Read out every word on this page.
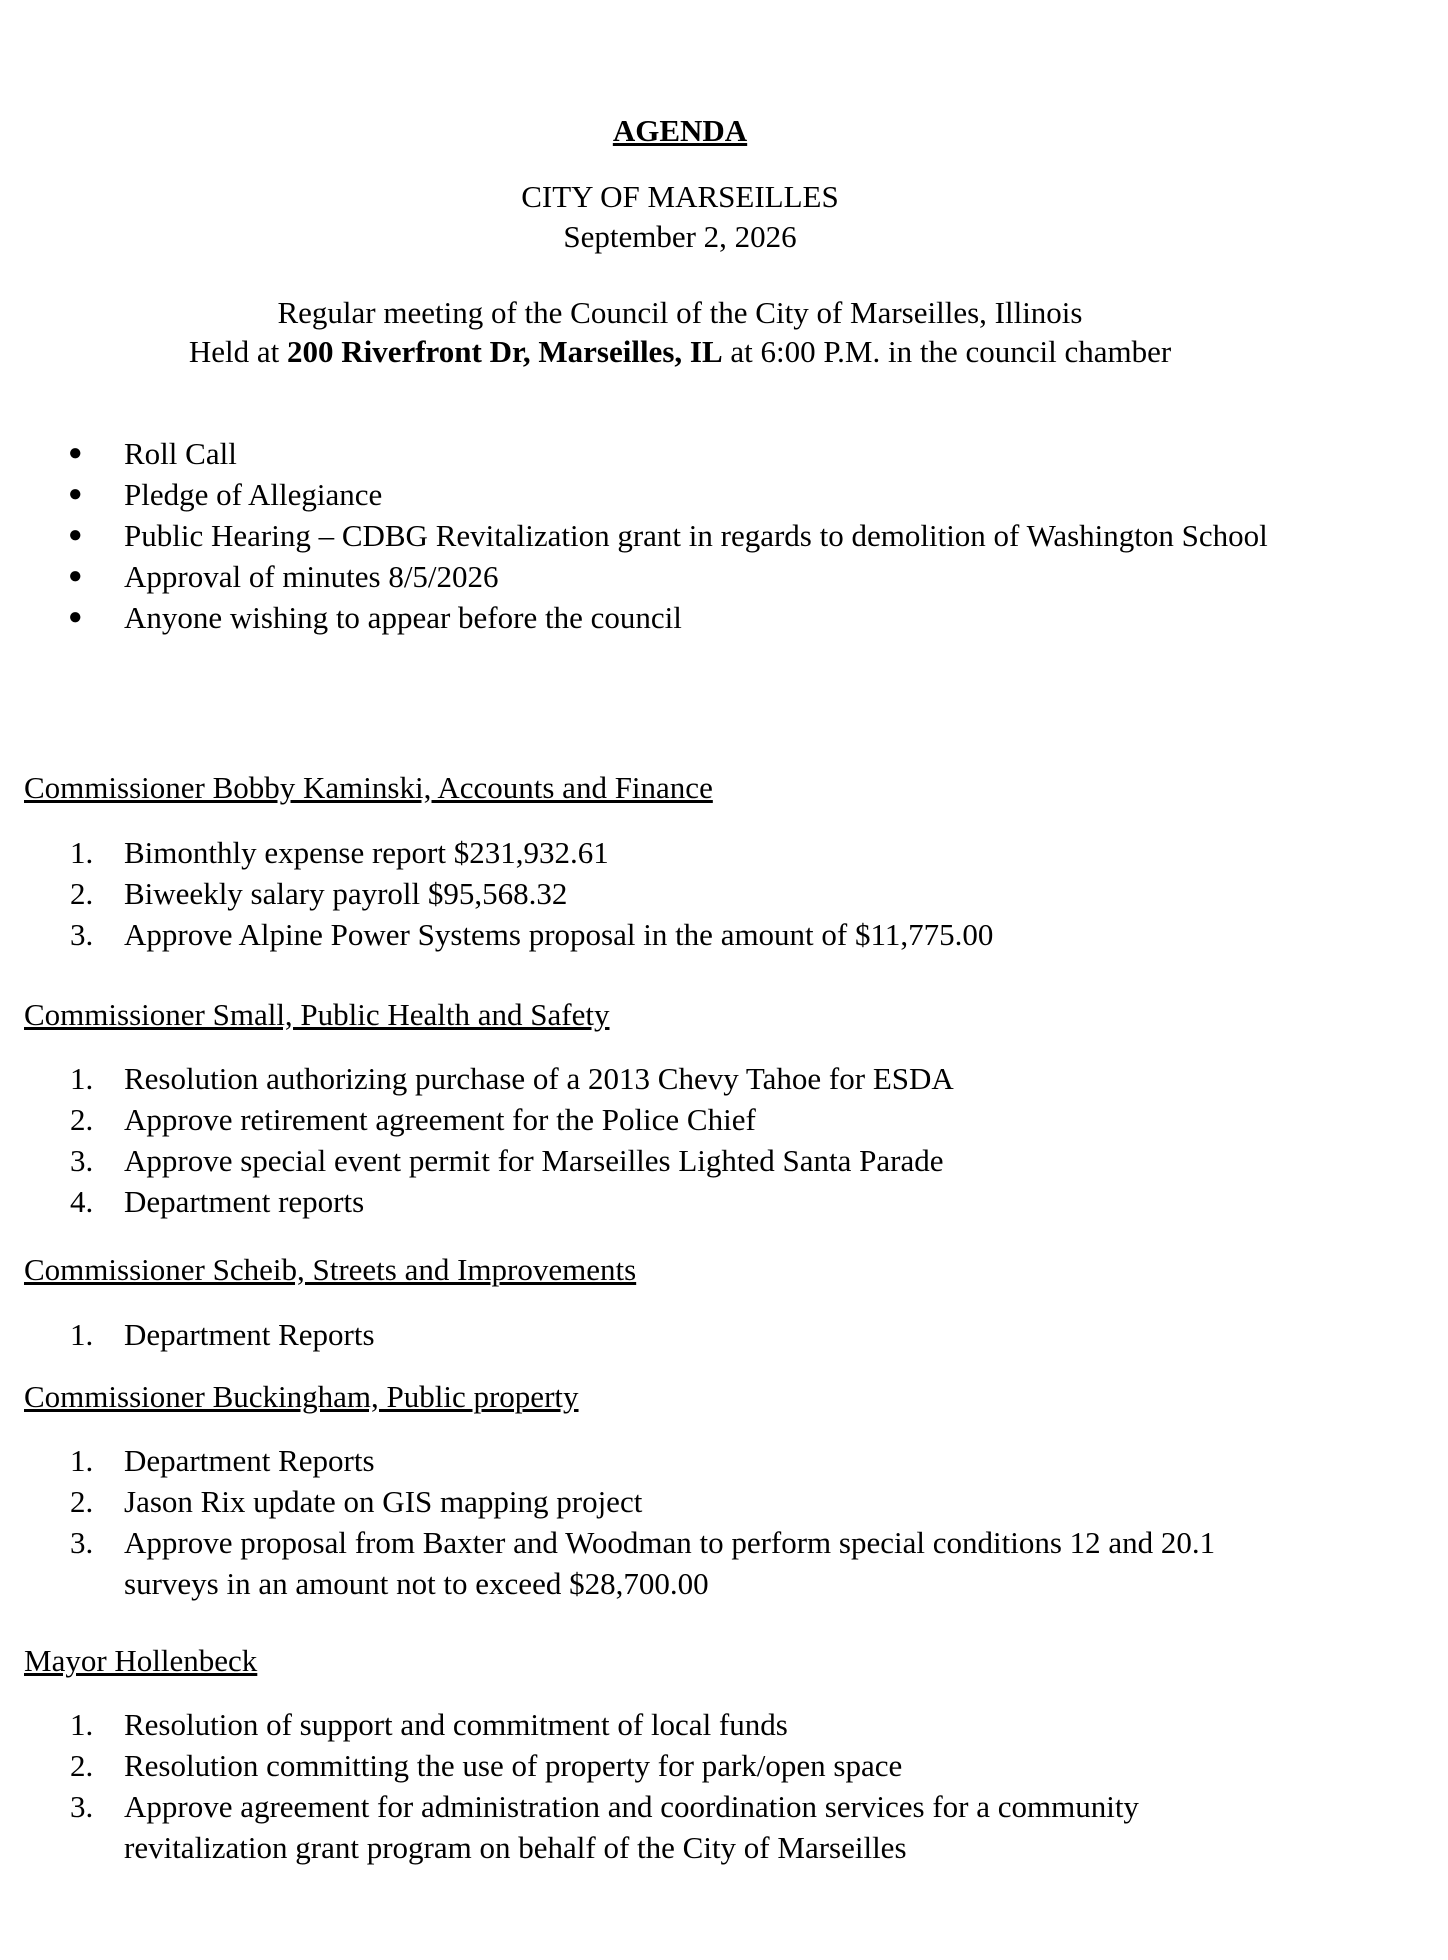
AGENDA
CITY OF MARSEILLES
September 2, 2026
Regular meeting of the Council of the City of Marseilles, Illinois
Held at 200 Riverfront Dr, Marseilles, IL at 6:00 P.M. in the council chamber
● Roll Call
● Pledge of Allegiance
● Public Hearing – CDBG Revitalization grant in regards to demolition of Washington School
● Approval of minutes 8/5/2026
● Anyone wishing to appear before the council
Commissioner Bobby Kaminski, Accounts and Finance
1. Bimonthly expense report $231,932.61
2. Biweekly salary payroll $95,568.32
3. Approve Alpine Power Systems proposal in the amount of $11,775.00
Commissioner Small, Public Health and Safety
1. Resolution authorizing purchase of a 2013 Chevy Tahoe for ESDA
2. Approve retirement agreement for the Police Chief
3. Approve special event permit for Marseilles Lighted Santa Parade
4. Department reports
Commissioner Scheib, Streets and Improvements
1. Department Reports
Commissioner Buckingham, Public property
1. Department Reports
2. Jason Rix update on GIS mapping project
3. Approve proposal from Baxter and Woodman to perform special conditions 12 and 20.1 surveys in an amount not to exceed $28,700.00
Mayor Hollenbeck
1. Resolution of support and commitment of local funds
2. Resolution committing the use of property for park/open space
3. Approve agreement for administration and coordination services for a community revitalization grant program on behalf of the City of Marseilles
